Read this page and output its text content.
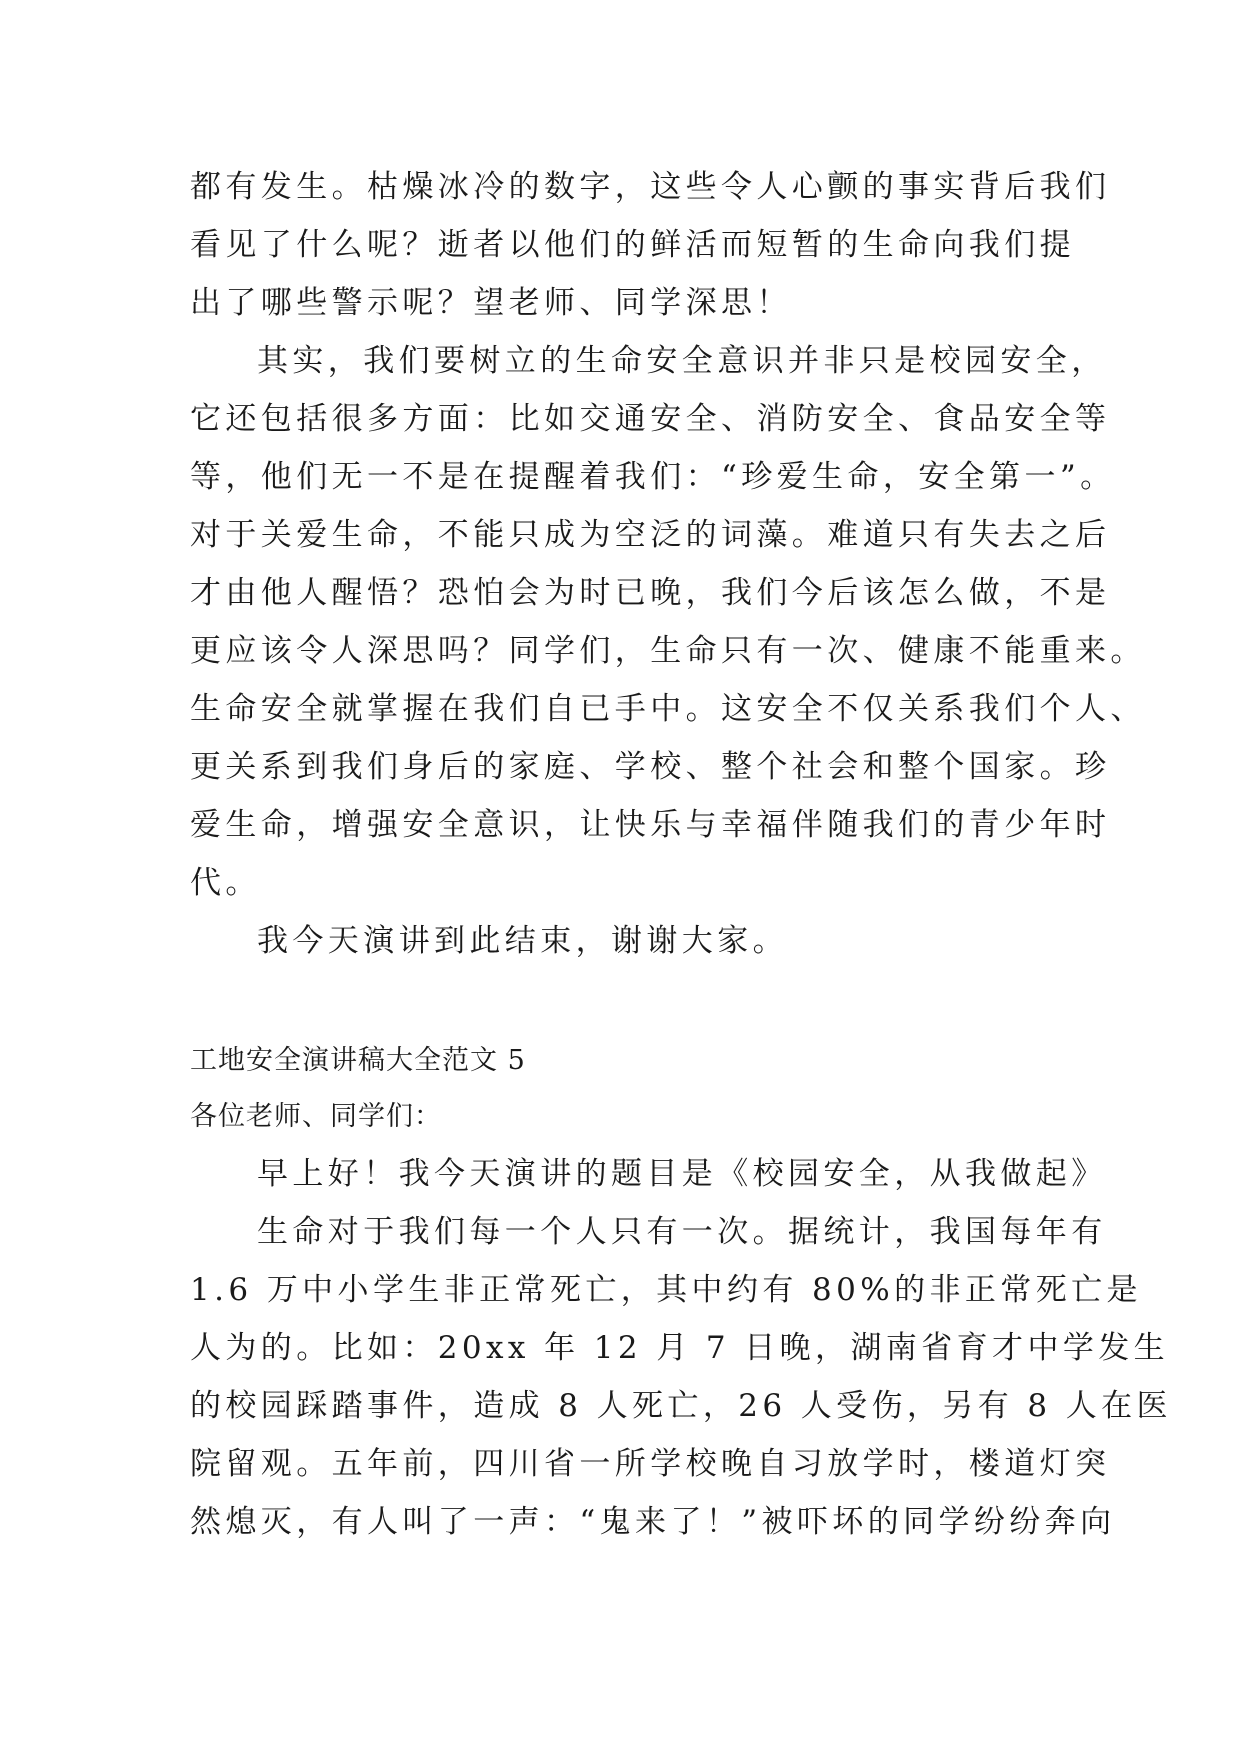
都有发生。枯燥冰冷的数字，这些令人心颤的事实背后我们
看见了什么呢？逝者以他们的鲜活而短暂的生命向我们提
出了哪些警示呢？望老师、同学深思！
其实，我们要树立的生命安全意识并非只是校园安全，
它还包括很多方面：比如交通安全、消防安全、食品安全等
等，他们无一不是在提醒着我们：“珍爱生命，安全第一”。
对于关爱生命，不能只成为空泛的词藻。难道只有失去之后
才由他人醒悟？恐怕会为时已晚，我们今后该怎么做，不是
更应该令人深思吗？同学们，生命只有一次、健康不能重来。
生命安全就掌握在我们自已手中。这安全不仅关系我们个人、
更关系到我们身后的家庭、学校、整个社会和整个国家。珍
爱生命，增强安全意识，让快乐与幸福伴随我们的青少年时
代。
我今天演讲到此结束，谢谢大家。
工地安全演讲稿大全范文 5
各位老师、同学们：
早上好！我今天演讲的题目是《校园安全，从我做起》
生命对于我们每一个人只有一次。据统计，我国每年有
1.6 万中小学生非正常死亡，其中约有 80%的非正常死亡是
人为的。比如：20xx 年 12 月 7 日晚，湖南省育才中学发生
的校园踩踏事件，造成 8 人死亡，26 人受伤，另有 8 人在医
院留观。五年前，四川省一所学校晚自习放学时，楼道灯突
然熄灭，有人叫了一声：“鬼来了！”被吓坏的同学纷纷奔向
